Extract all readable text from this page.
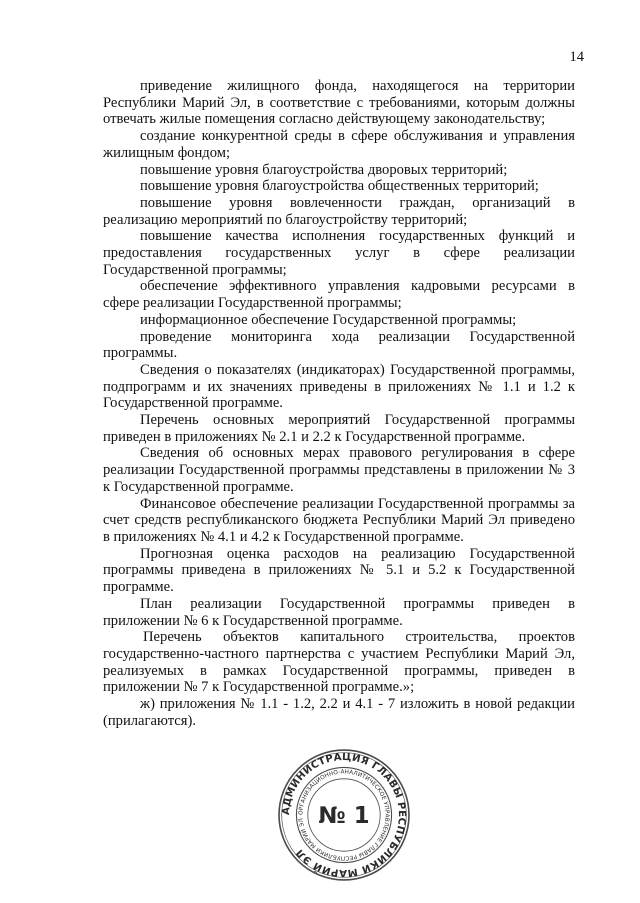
14

приведение жилищного фонда, находящегося на территории Республики Марий Эл, в соответствие с требованиями, которым должны отвечать жилые помещения согласно действующему законодательству;

создание конкурентной среды в сфере обслуживания и управления жилищным фондом;

повышение уровня благоустройства дворовых территорий;

повышение уровня благоустройства общественных территорий;

повышение уровня вовлеченности граждан, организаций в реализацию мероприятий по благоустройству территорий;

повышение качества исполнения государственных функций и предоставления государственных услуг в сфере реализации Государственной программы;

обеспечение эффективного управления кадровыми ресурсами в сфере реализации Государственной программы;

информационное обеспечение Государственной программы;

проведение мониторинга хода реализации Государственной программы.

Сведения о показателях (индикаторах) Государственной программы, подпрограмм и их значениях приведены в приложениях № 1.1 и 1.2 к Государственной программе.

Перечень основных мероприятий Государственной программы приведен в приложениях № 2.1 и 2.2 к Государственной программе.

Сведения об основных мерах правового регулирования в сфере реализации Государственной программы представлены в приложении № 3 к Государственной программе.

Финансовое обеспечение реализации Государственной программы за счет средств республиканского бюджета Республики Марий Эл приведено в приложениях № 4.1 и 4.2 к Государственной программе.

Прогнозная оценка расходов на реализацию Государственной программы приведена в приложениях № 5.1 и 5.2 к Государственной программе.

План реализации Государственной программы приведен в приложении № 6 к Государственной программе.

Перечень объектов капитального строительства, проектов государственно-частного партнерства с участием Республики Марий Эл, реализуемых в рамках Государственной программы, приведен в приложении № 7 к Государственной программе.»;

ж) приложения № 1.1 - 1.2, 2.2 и 4.1 - 7 изложить в новой редакции (прилагаются).

АДМИНИСТРАЦИЯ ГЛАВЫ РЕСПУБЛИКИ МАРИЙ ЭЛ
ОРГАНИЗАЦИОННО-АНАЛИТИЧЕСКОЕ УПРАВЛЕНИЕ ГЛАВЫ РЕСПУБЛИКИ МАРИЙ ЭЛ № 1
